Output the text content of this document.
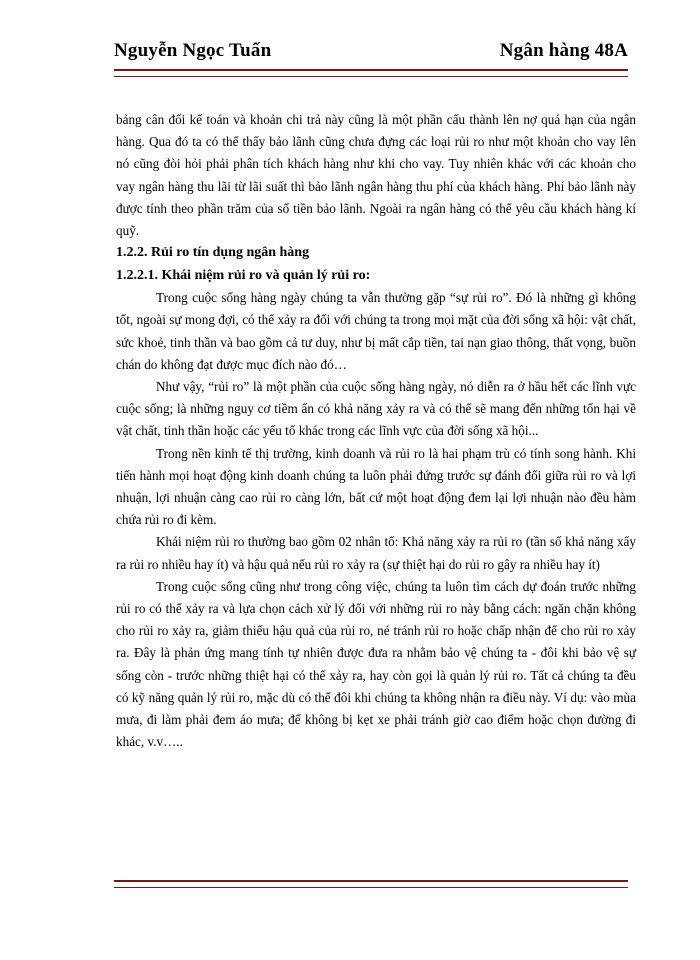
Nguyễn Ngọc Tuấn	Ngân hàng 48A

bảng cân đối kế toán và khoản chi trả này cũng là một phần cấu thành lên nợ quá hạn của ngân hàng. Qua đó ta có thể thấy bảo lãnh cũng chưa đựng các loại rủi ro như một khoản cho vay lên nó cũng đòi hỏi phải phân tích khách hàng như khi cho vay. Tuy nhiên khác với các khoản cho vay ngân hàng thu lãi từ lãi suất thì bảo lãnh ngân hàng thu phí của khách hàng. Phí bảo lãnh này được tính theo phần trăm của số tiền bảo lãnh. Ngoài ra ngân hàng có thể yêu cầu khách hàng kí quỹ.

1.2.2. Rủi ro tín dụng ngân hàng
1.2.2.1. Khái niệm rủi ro và quản lý rủi ro:

Trong cuộc sống hàng ngày chúng ta vẫn thường gặp “sự rủi ro”. Đó là những gì không tốt, ngoài sự mong đợi, có thể xảy ra đối với chúng ta trong mọi mặt của đời sống xã hội: vật chất, sức khoẻ, tinh thần và bao gồm cả tư duy, như bị mất cắp tiền, tai nạn giao thông, thất vọng, buồn chán do không đạt được mục đích nào đó…

Như vậy, “rủi ro” là một phần của cuộc sống hàng ngày, nó diễn ra ở hầu hết các lĩnh vực cuộc sống; là những nguy cơ tiềm ẩn có khả năng xảy ra và có thể sẽ mang đến những tổn hại về vật chất, tinh thần hoặc các yếu tố khác trong các lĩnh vực của đời sống xã hội...

Trong nền kinh tế thị trường, kinh doanh và rủi ro là hai phạm trù có tính song hành. Khi tiến hành mọi hoạt động kinh doanh chúng ta luôn phải đứng trước sự đánh đổi giữa rủi ro và lợi nhuận, lợi nhuận càng cao rủi ro càng lớn, bất cứ một hoạt động đem lại lợi nhuận nào đều hàm chứa rủi ro đi kèm.

Khái niệm rủi ro thường bao gồm 02 nhân tố: Khả năng xảy ra rủi ro (tần số khả năng xẩy ra rủi ro nhiều hay ít) và hậu quả nếu rủi ro xảy ra (sự thiệt hại do rủi ro gây ra nhiều hay ít)

Trong cuộc sống cũng như trong công việc, chúng ta luôn tìm cách dự đoán trước những rủi ro có thể xảy ra và lựa chọn cách xử lý đối với những rủi ro này bằng cách: ngăn chặn không cho rủi ro xảy ra, giảm thiểu hậu quả của rủi ro, né tránh rủi ro hoặc chấp nhận để cho rủi ro xảy ra. Đây là phản ứng mang tính tự nhiên được đưa ra nhằm bảo vệ chúng ta - đôi khi bảo vệ sự sống còn - trước những thiệt hại có thể xảy ra, hay còn gọi là quản lý rủi ro. Tất cả chúng ta đều có kỹ năng quản lý rủi ro, mặc dù có thể đôi khi chúng ta không nhận ra điều này. Ví dụ: vào mùa mưa, đi làm phải đem áo mưa; để không bị kẹt xe phải tránh giờ cao điểm hoặc chọn đường đi khác, v.v…..
